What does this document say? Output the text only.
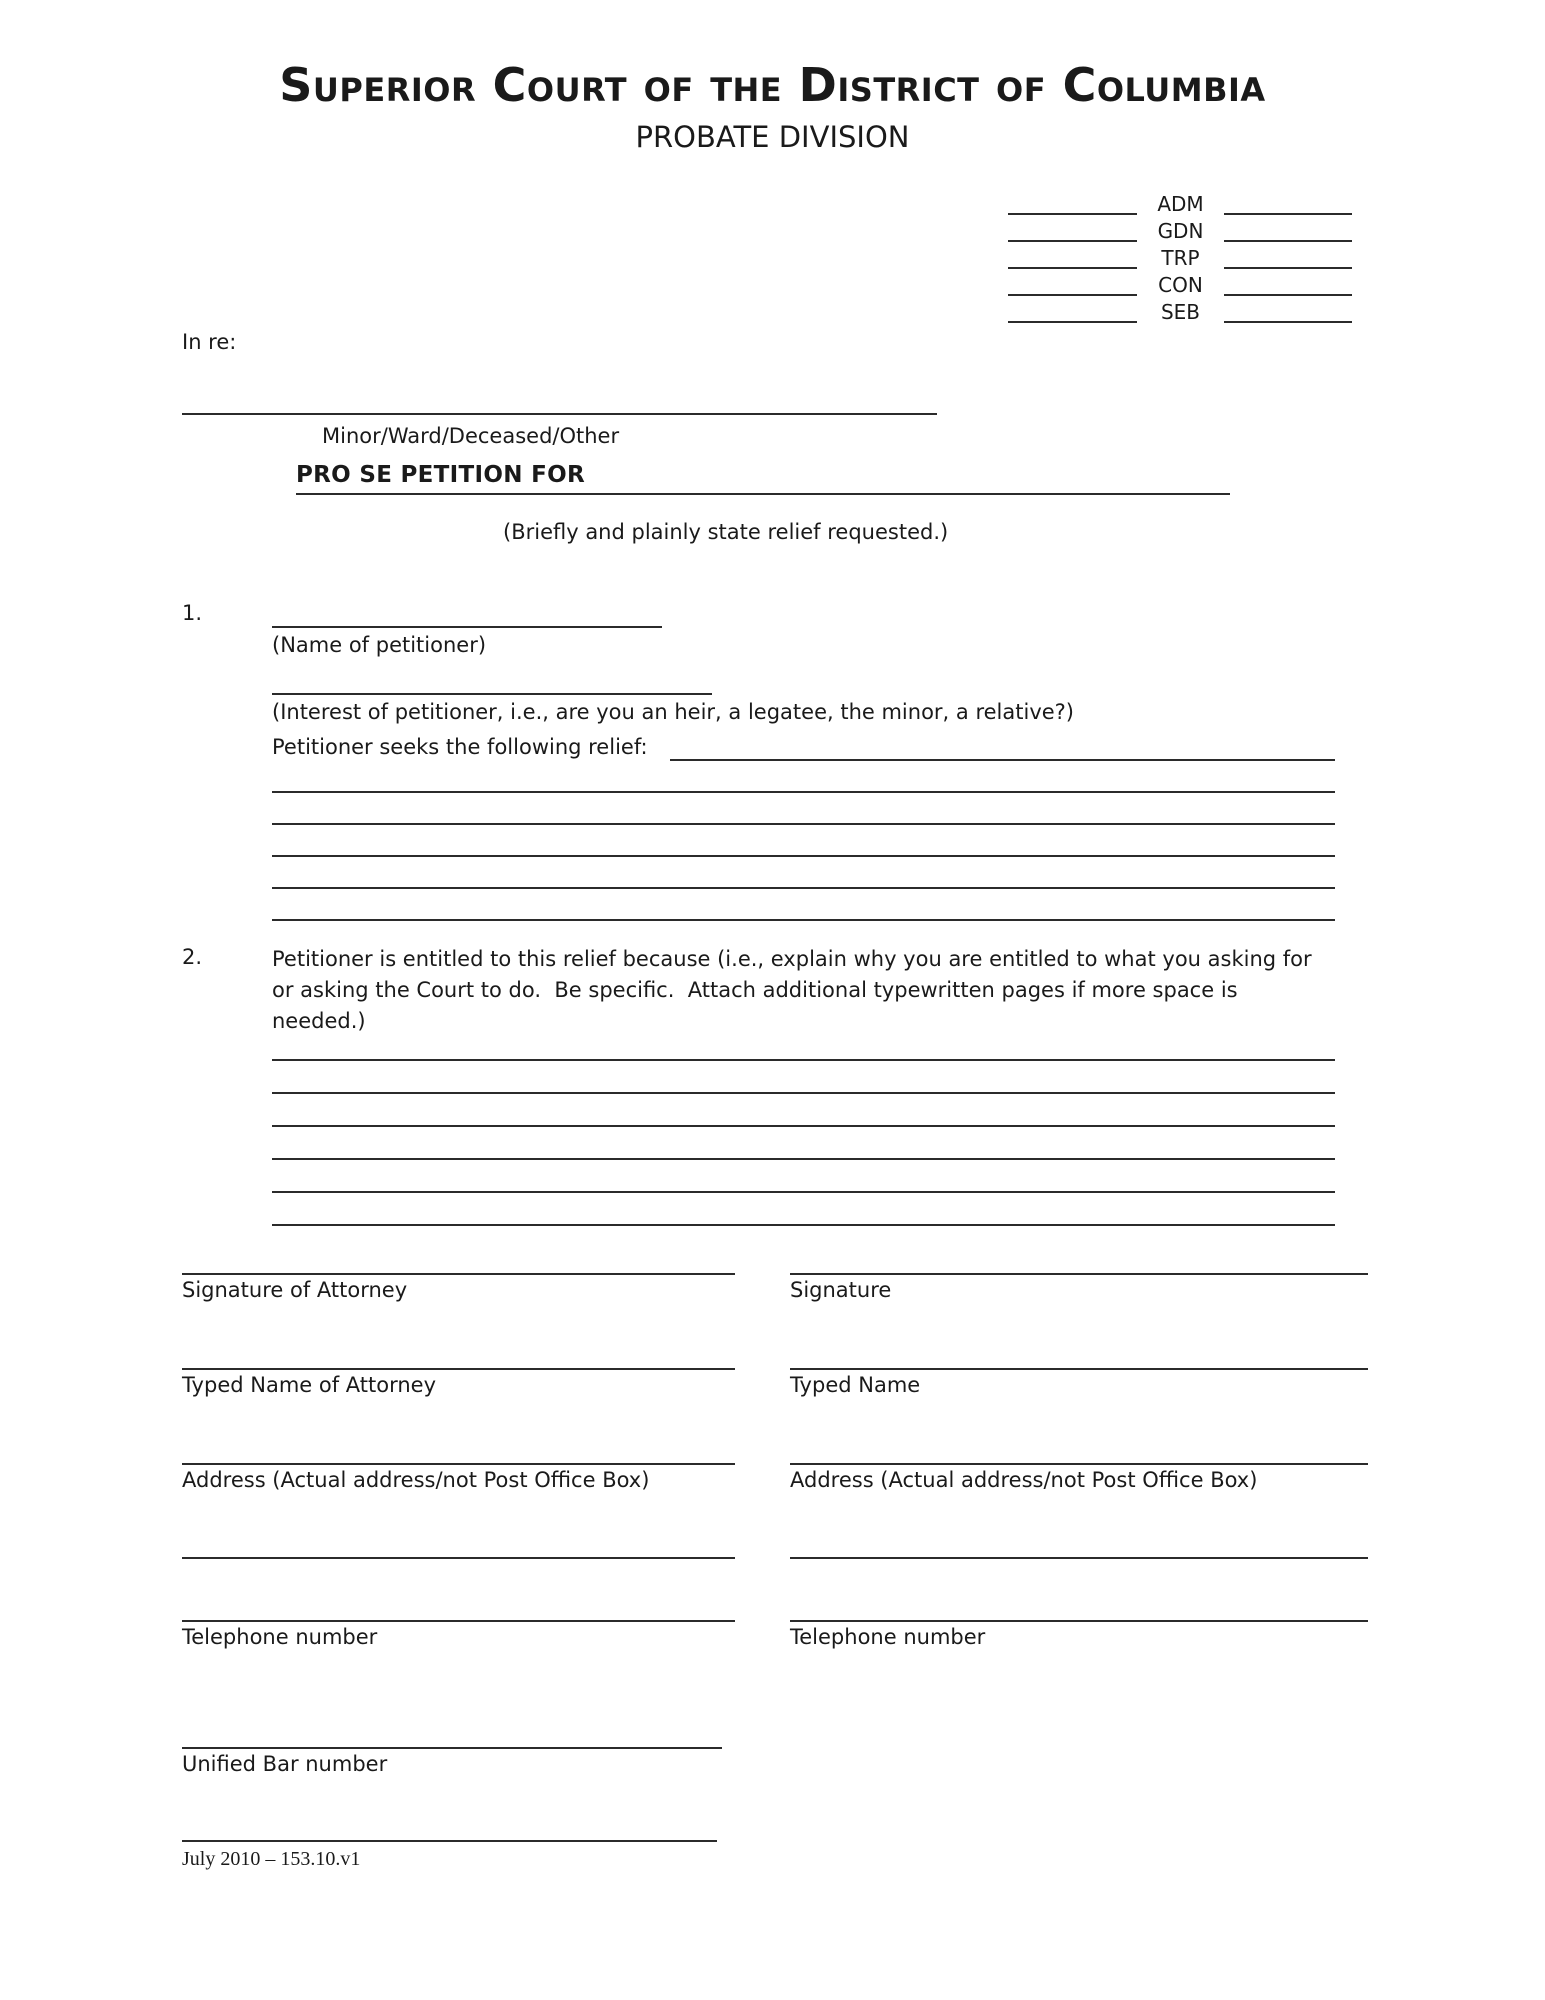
Superior Court of the District of Columbia
PROBATE DIVISION
ADM
GDN
TRP
CON
SEB
In re:
Minor/Ward/Deceased/Other
PRO SE PETITION FOR
(Briefly and plainly state relief requested.)
1.
(Name of petitioner)
(Interest of petitioner, i.e., are you an heir, a legatee, the minor, a relative?)
Petitioner seeks the following relief:
2.	Petitioner is entitled to this relief because (i.e., explain why you are entitled to what you asking for or asking the Court to do.  Be specific.  Attach additional typewritten pages if more space is needed.)
Signature of Attorney
Typed Name of Attorney
Address (Actual address/not Post Office Box)
Telephone number
Unified Bar number
Signature
Typed Name
Address (Actual address/not Post Office Box)
Telephone number
July 2010 – 153.10.v1
